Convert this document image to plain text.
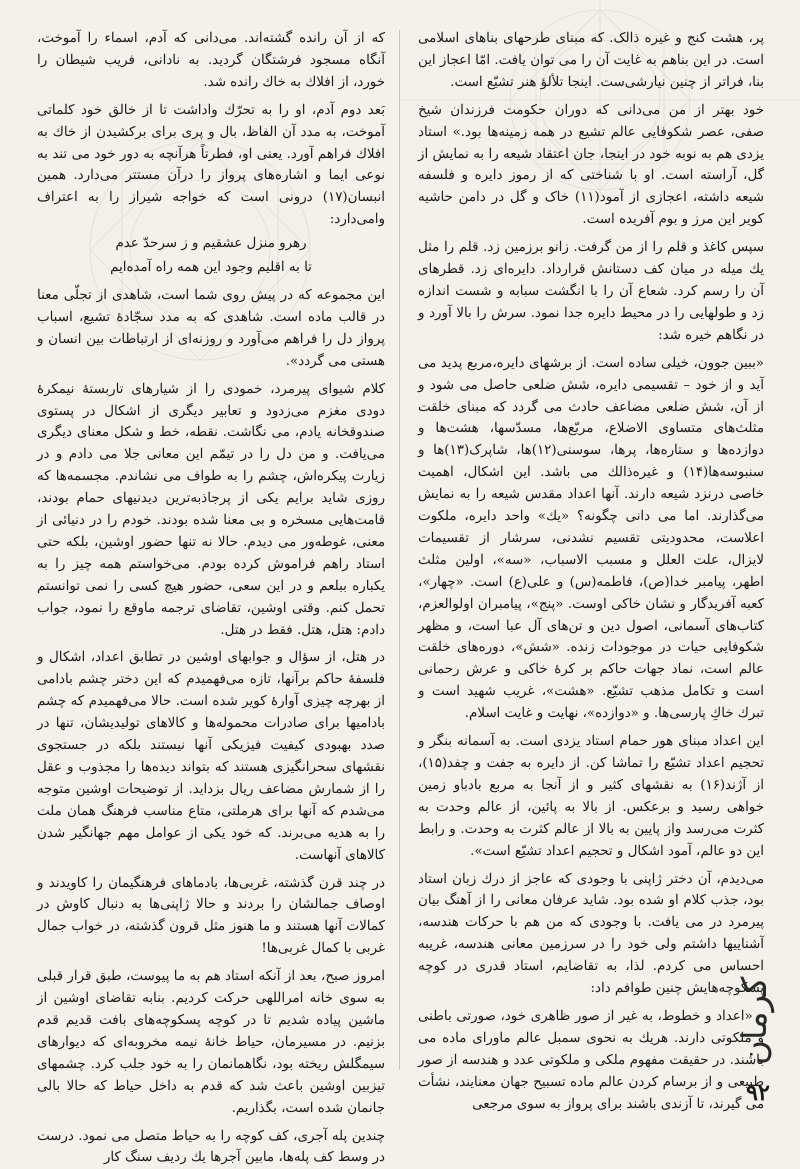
پر، هشت کنج و غیره ذالک. که مبنای طرحهای بناهای اسلامی است. در این بناهم به غایت آن را می توان یافت. امّا اعجاز این بنا، فراتر از چنین نیارشی‌ست. اینجا تلألؤ هنر تشیّع است.

خود بهتر از من می‌دانی که دوران حکومت فرزندان شیخ صفی، عصر شکوفایی عالم تشیع در همه زمینه‌ها بود.» استاد یزدی هم به نوبه خود در اینجا، جان اعتقاد شیعه را به نمایش از گل، آراسته است. او با شناختی که از رموز دایره و فلسفه شیعه داشته، اعجازی از آمود(۱۱) خاک و گل در دامن حاشیه کویر این مرز و بوم آفریده است.

سپس کاغذ و قلم را از من گرفت. زانو برزمین زد. قلم را مثل یك میله در میان کف دستانش قرارداد. دایره‌ای زد. قطرهای آن را رسم کرد. شعاع آن را با انگشت سبابه و شست اندازه زد و طولهایی را در محیط دایره جدا نمود. سرش را بالا آورد و در نگاهم خیره شد:

«ببین جوون، خیلی ساده است. از برشهای دایره،مربع پدید می آید و از خود – تقسیمی دایره، شش ضلعی حاصل می شود و از آن، شش ضلعی مضاعف حادث می گردد که مبنای خلقت مثلث‌های متساوی الاضلاع، مربّع‌ها، مسدّسها، هشت‌ها و دوازده‌ها و ستاره‌ها، پرها، سوسنی(۱۲)ها، شاپرک(۱۳)ها و سنبوسه‌ها(۱۴) و غیره‌ذالك می باشد. این اشکال، اهمیت خاصی درنزد شیعه دارند. آنها اعداد مقدس شیعه را به نمایش می‌گذارند. اما می دانی چگونه؟ «یك» واحد دایره، ملکوت اعلاست، محدودیتی تقسیم نشدنی، سرشار از تقسیمات لایزال، علت العلل و مسبب الاسباب، «سه»، اولین مثلث اطهر، پیامبر خدا(ص)، فاطمه(س) و علی(ع) است. «چهار»، کعبه آفریدگار و نشان خاکی اوست. «پنج»، پیامبران اولوالعزم، کتاب‌های آسمانی، اصول دین و تن‌های آل عبا است، و مظهر شکوفایی حیات در موجودات زنده. «شش»، دوره‌های خلقت عالم است، نماد جهات حاکم بر کرهٔ خاکی و عرش رحمانی است و تکامل مذهب تشیّع. «هشت»، غریب شهید است و تبرك خاكِ پارسی‌ها. و «دوازده»، نهایت و غایت اسلام.

این اعداد مبنای هور حمام استاد یزدی است. به آسمانه بنگر و تحجیم اعداد تشیّع را تماشا کن. از دایره به جفت و چفد(۱۵)، از آژند(۱۶) به نقشهای کثیر و از آنجا به مربع بادباو زمین خواهی رسید و برعکس. از بالا به پائین، از عالم وحدت به کثرت می‌رسد واز پایین به بالا از عالم کثرت به وحدت. و رابط این دو عالم، آمود اشکال و تحجیم اعداد تشیّع است».

می‌دیدم، آن دختر ژاپنی با وجودی که عاجز از درك زبان استاد بود، جذب کلام او شده بود. شاید عرفان معانی را از آهنگ بیان پیرمرد در می یافت. با وجودی که من هم با حرکات هندسه، آشناییها داشتم ولی خود را در سرزمین معانی هندسه، غریبه احساس می کردم. لذا، به تقاضایم، استاد قدری در کوچه پسکوچه‌هایش چنین طوافم داد:

– «اعداد و خطوط، به غیر از صور ظاهری خود، صورتی باطنی و ملکوتی دارند. هریك به نحوی سمبل عالم ماورای ماده می باشند. در حقیقت مفهوم ملکی و ملکوتی عدد و هندسه از صور طبیعی و از برسام کردن عالم ماده تسبیح جهان معنایند، نشأت می گیرند، تا آزندی باشند برای پرواز به سوی مرجعی

که از آن رانده گشته‌اند. می‌دانی که آدم، اسماء را آموخت، آنگاه مسجود فرشتگان گردید. به نادانی، فریب شیطان را خورد، از افلاك به خاك رانده شد.

بَعد دوم آدم، او را به تحرّك واداشت تا از خالق خود کلماتی آموخت، به مدد آن الفاظ، بال و پری برای برکشیدن از خاك به افلاك فراهم آورد. یعنی او، فطرتاً هرآنچه به دور خود می تند به نوعی ایما و اشاره‌های پرواز را درآن مستتر می‌دارد. همین انبسان(۱۷) درونی است که خواجه شیراز را به اعتراف وامی‌دارد:

رهرو منزل عشقیم و ز سرحدّ عدم

تا به اقلیم وجود این همه راه آمده‌ایم

این مجموعه که در پیش روی شما است، شاهدی از تجلّی معنا در قالب ماده است. شاهدی که به مدد سجّادهٔ تشیع، اسباب پرواز دل را فراهم می‌آورد و روزنه‌ای از ارتباطات بین انسان و هستی می گردد».

کلام شیوای پیرمرد، خمودی را از شیارهای تاربستهٔ نیمکرهٔ دودی مغزم می‌زدود و تعابیر دیگری از اشکال در پستوی صندوقخانه‌ یادم، می نگاشت. نقطه، خط و شکل معنای دیگری می‌یافت. و من دل را در تیمّم این معانی جلا می دادم و در زیارت پیکره‌اش، چشم را به طواف می نشاندم. مجسمه‌ها که روزی شاید برایم یکی از پرجاذبه‌ترین دیدنیهای حمام بودند، قامت‌هایی مسخره و بی معنا شده بودند. خودم را در دنیائی از معنی، غوطه‌ور می دیدم. حالا نه تنها حضور اوشین، بلکه حتی استاد راهم فراموش کرده بودم. می‌خواستم همه چیز را به یکباره ببلعم و در این سعی، حضور هیچ کسی را نمی توانستم تحمل کنم. وقتی اوشین، تقاضای ترجمه ماوقع را نمود، جواب دادم: هتل، هتل. فقط در هتل.

در هتل، از سؤال و جوابهای اوشین در تطابق اعداد، اشکال و فلسفهٔ حاکم برآنها، تازه می‌فهمیدم که این دختر چشم بادامی از بهرچه چیزی آوارهٔ کویر شده است. حالا می‌فهمیدم که چشم بادامیها برای صادرات محموله‌ها و کالاهای تولیدیشان، تنها در صدد بهبودی کیفیت فیزیکی آنها نیستند بلکه در جستجوی نقشهای سحرانگیزی هستند که بتواند دیده‌ها را مجذوب و عقل را از شمارش مضاعف ریال بزداید. از توضیحات اوشین متوجه می‌شدم که آنها برای هرملتی، متاع مناسب فرهنگ همان ملت را به هدیه می‌برند. که خود یکی از عوامل مهم جهانگیر شدن کالاهای آنهاست.

در چند قرن گذشته، غربی‌ها، بادماهای فرهنگیمان را کاویدند و اوصاف جمالشان را بردند و حالا ژاپنی‌ها به دنبال کاوش در کمالات آنها هستند و ما هنوز مثل قرون گذشته، در خواب جمال غربی‌ با کمال غربی‌ها!

امروز صبح، بعد از آنکه استاد هم به ما پیوست، طبق قرار قبلی به سوی خانه امراللهی حرکت کردیم. بنابه تقاضای اوشین از ماشین پیاده شدیم تا در کوچه پسکوچه‌های بافت قدیم قدم بزنیم. در مسیرمان، حیاط خانهٔ نیمه مخروبه‌ای که دیوارهای سیمگلش ریخته بود، نگاهمانمان را به خود جلب کرد. چشمهای تیزبین اوشین باعث شد که قدم به داخل حیاط که حالا بالی جانمان شده است، بگذاریم.

چندین پله آجری، کف کوچه را به حیاط متصل می نمود. درست در وسط کف پله‌ها، مابین آجرها یك ردیف سنگ کار

کرمان
۹۲
